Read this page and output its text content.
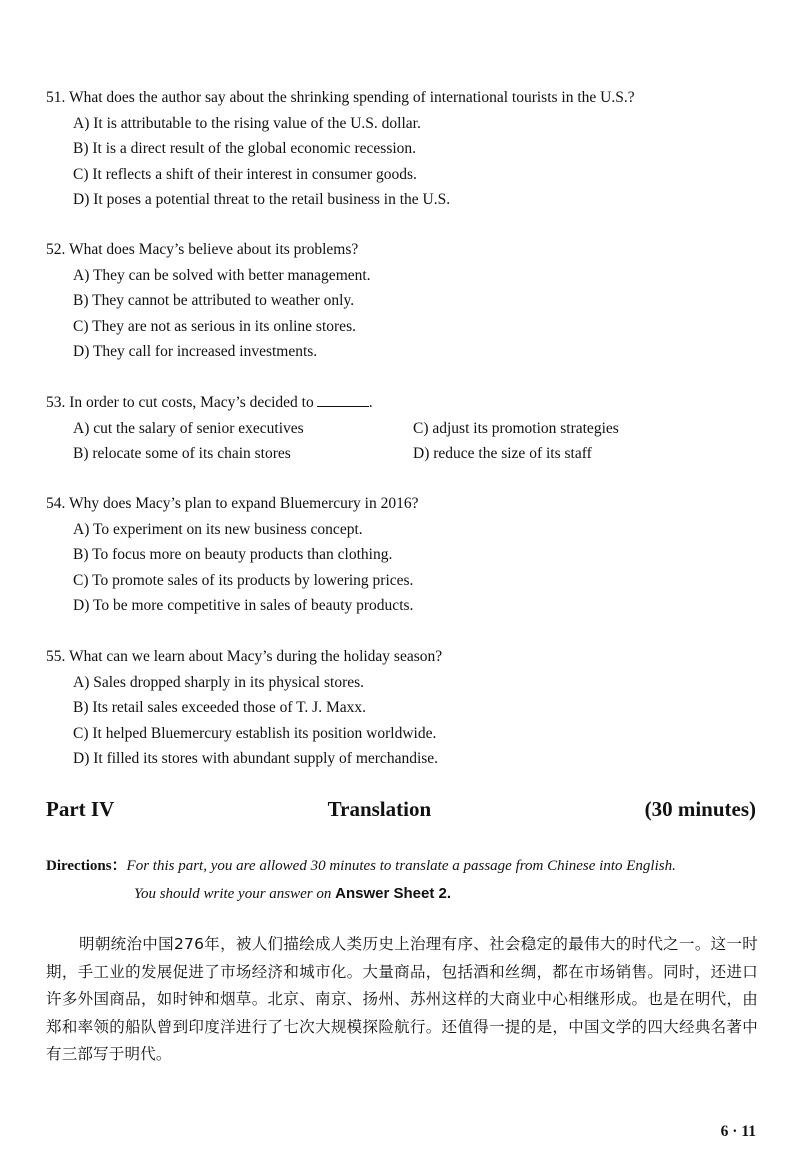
51. What does the author say about the shrinking spending of international tourists in the U.S.?
A) It is attributable to the rising value of the U.S. dollar.
B) It is a direct result of the global economic recession.
C) It reflects a shift of their interest in consumer goods.
D) It poses a potential threat to the retail business in the U.S.
52. What does Macy’s believe about its problems?
A) They can be solved with better management.
B) They cannot be attributed to weather only.
C) They are not as serious in its online stores.
D) They call for increased investments.
53. In order to cut costs, Macy’s decided to	.
A) cut the salary of senior executives	C) adjust its promotion strategies
B) relocate some of its chain stores	D) reduce the size of its staff
54. Why does Macy’s plan to expand Bluemercury in 2016?
A) To experiment on its new business concept.
B) To focus more on beauty products than clothing.
C) To promote sales of its products by lowering prices.
D) To be more competitive in sales of beauty products.
55. What can we learn about Macy’s during the holiday season?
A) Sales dropped sharply in its physical stores.
B) Its retail sales exceeded those of T. J. Maxx.
C) It helped Bluemercury establish its position worldwide.
D) It filled its stores with abundant supply of merchandise.
Part IV	Translation	(30 minutes)
Directions：For this part, you are allowed 30 minutes to translate a passage from Chinese into English.
You should write your answer on Answer Sheet 2.
明朝统治中国276年，被人们描绘成人类历史上治理有序、社会稳定的最伟大的时代之一。这一时期，手工业的发展促进了市场经济和城市化。大量商品，包括酒和丝绸，都在市场销售。同时，还进口许多外国商品，如时钟和烟草。北京、南京、扬州、苏州这样的大商业中心相继形成。也是在明代，由郑和率领的船队曾到印度洋进行了七次大规模探险航行。还值得一提的是，中国文学的四大经典名著中有三部写于明代。
6 · 11
